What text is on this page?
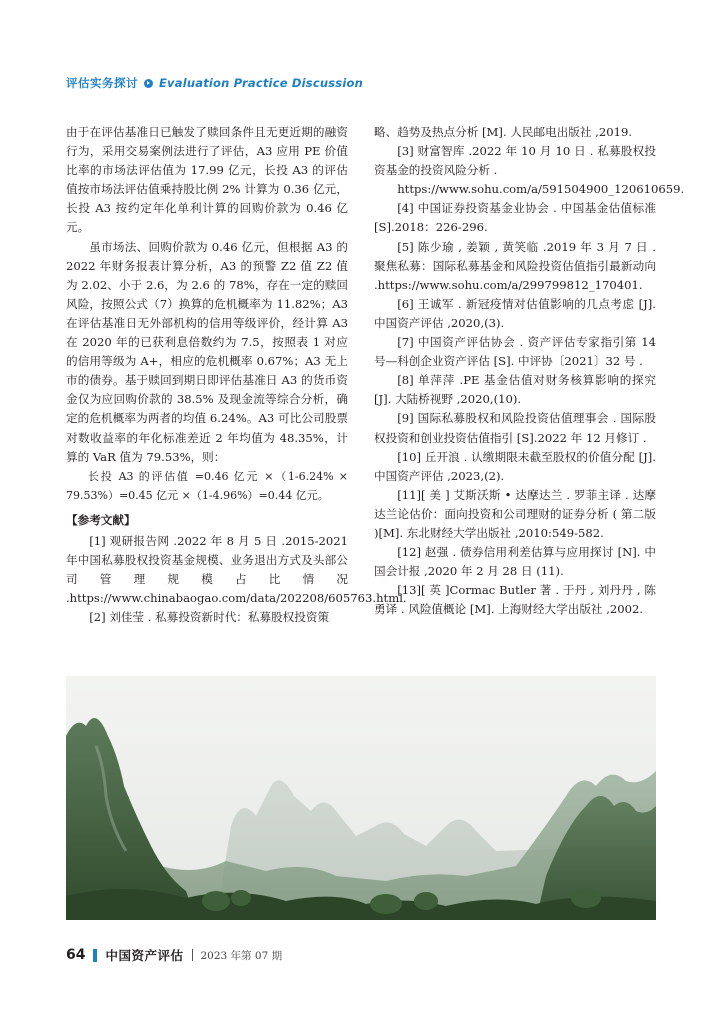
评估实务探讨 Evaluation Practice Discussion

由于在评估基准日已触发了赎回条件且无更近期的融资行为，采用交易案例法进行了评估，A3 应用 PE 价值比率的市场法评估值为 17.99 亿元，长投 A3 的评估值按市场法评估值乘持股比例 2% 计算为 0.36 亿元，长投 A3 按约定年化单利计算的回购价款为 0.46 亿元。

虽市场法、回购价款为 0.46 亿元，但根据 A3 的 2022 年财务报表计算分析，A3 的预警 Z2 值 Z2 值为 2.02、小于 2.6，为 2.6 的 78%，存在一定的赎回风险，按照公式（7）换算的危机概率为 11.82%；A3 在评估基准日无外部机构的信用等级评价，经计算 A3 在 2020 年的已获利息倍数约为 7.5，按照表 1 对应的信用等级为 A+，相应的危机概率 0.67%；A3 无上市的债券。基于赎回到期日即评估基准日 A3 的货币资金仅为应回购价款的 38.5% 及现金流等综合分析，确定的危机概率为两者的均值 6.24%。A3 可比公司股票对数收益率的年化标准差近 2 年均值为 48.35%，计算的 VaR 值为 79.53%，则：

长投 A3 的评估值 =0.46 亿元 ×（1-6.24% × 79.53%）=0.45 亿元 ×（1-4.96%）=0.44 亿元。

【参考文献】

[1] 观研报告网 .2022 年 8 月 5 日 .2015-2021 年中国私募股权投资基金规模、业务退出方式及头部公司管理规模占比情况 .https://www.chinabaogao.com/data/202208/605763.html.

[2] 刘佳莹 . 私募投资新时代：私募股权投资策

略、趋势及热点分析 [M]. 人民邮电出版社 ,2019.

[3] 财富智库 .2022 年 10 月 10 日 . 私募股权投资基金的投资风险分析 .

https://www.sohu.com/a/591504900_120610659.

[4] 中国证券投资基金业协会 . 中国基金估值标准 [S].2018：226-296.

[5] 陈少瑜 , 姜颖 , 黄笑临 .2019 年 3 月 7 日 . 聚焦私募：国际私募基金和风险投资估值指引最新动向 .https://www.sohu.com/a/299799812_170401.

[6] 王诚军 . 新冠疫情对估值影响的几点考虑 [J]. 中国资产评估 ,2020,(3).

[7] 中国资产评估协会 . 资产评估专家指引第 14 号—科创企业资产评估 [S]. 中评协〔2021〕32 号 .

[8] 单萍萍 .PE 基金估值对财务核算影响的探究 [J]. 大陆桥视野 ,2020,(10).

[9] 国际私募股权和风险投资估值理事会 . 国际股权投资和创业投资估值指引 [S].2022 年 12 月修订 .

[10] 丘开浪 . 认缴期限未截至股权的价值分配 [J]. 中国资产评估 ,2023,(2).

[11][ 美 ] 艾斯沃斯 • 达摩达兰 . 罗菲主译 . 达摩达兰论估价：面向投资和公司理财的证券分析 ( 第二版 )[M]. 东北财经大学出版社 ,2010:549-582.

[12] 赵强 . 债券信用利差估算与应用探讨 [N]. 中国会计报 ,2020 年 2 月 28 日 (11).

[13][ 英 ]Cormac Butler 著 . 于丹 , 刘丹丹 , 陈勇译 . 风险值概论 [M]. 上海财经大学出版社 ,2002.

64 中国资产评估 2023 年第 07 期
